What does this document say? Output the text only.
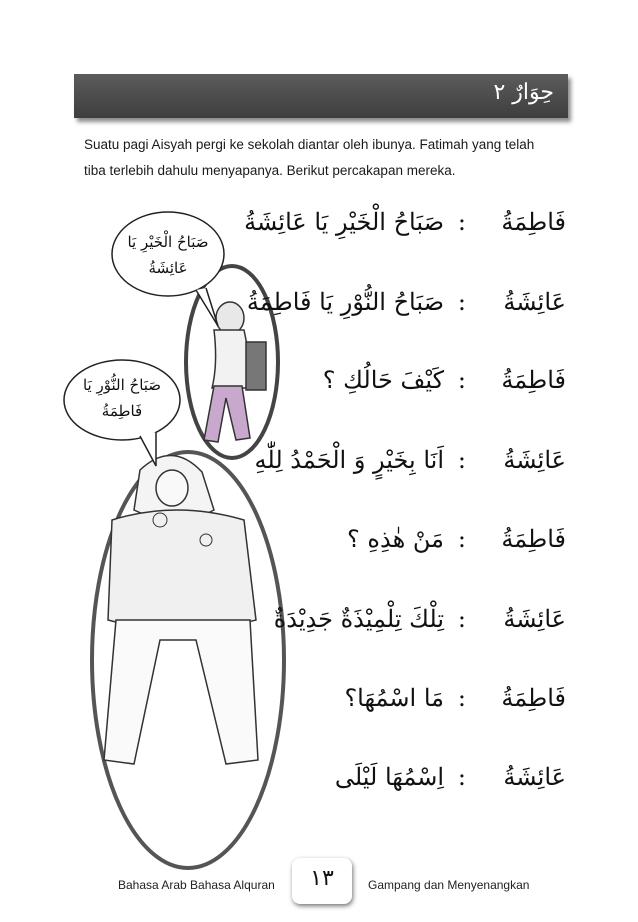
حِوَارٌ ٢
Suatu pagi Aisyah pergi ke sekolah diantar oleh ibunya. Fatimah yang telah
tiba terlebih dahulu menyapanya. Berikut percakapan mereka.
صَبَاحُ الْخَيْرِ يَا
عَائِشَةُ
صَبَاحُ النُّوْرِ يَا
فَاطِمَةُ
فَاطِمَةُ
:
صَبَاحُ الْخَيْرِ يَا عَائِشَةُ
عَائِشَةُ
:
صَبَاحُ النُّوْرِ يَا فَاطِمَةُ
فَاطِمَةُ
:
كَيْفَ حَالُكِ ؟
عَائِشَةُ
:
اَنَا بِخَيْرٍ وَ الْحَمْدُ لِلّٰهِ
فَاطِمَةُ
:
مَنْ هٰذِهِ ؟
عَائِشَةُ
:
تِلْكَ تِلْمِيْذَةٌ جَدِيْدَةٌ
فَاطِمَةُ
:
مَا اسْمُهَا؟
عَائِشَةُ
:
اِسْمُهَا لَيْلَى
Bahasa Arab Bahasa Alquran	١٣	Gampang dan Menyenangkan
